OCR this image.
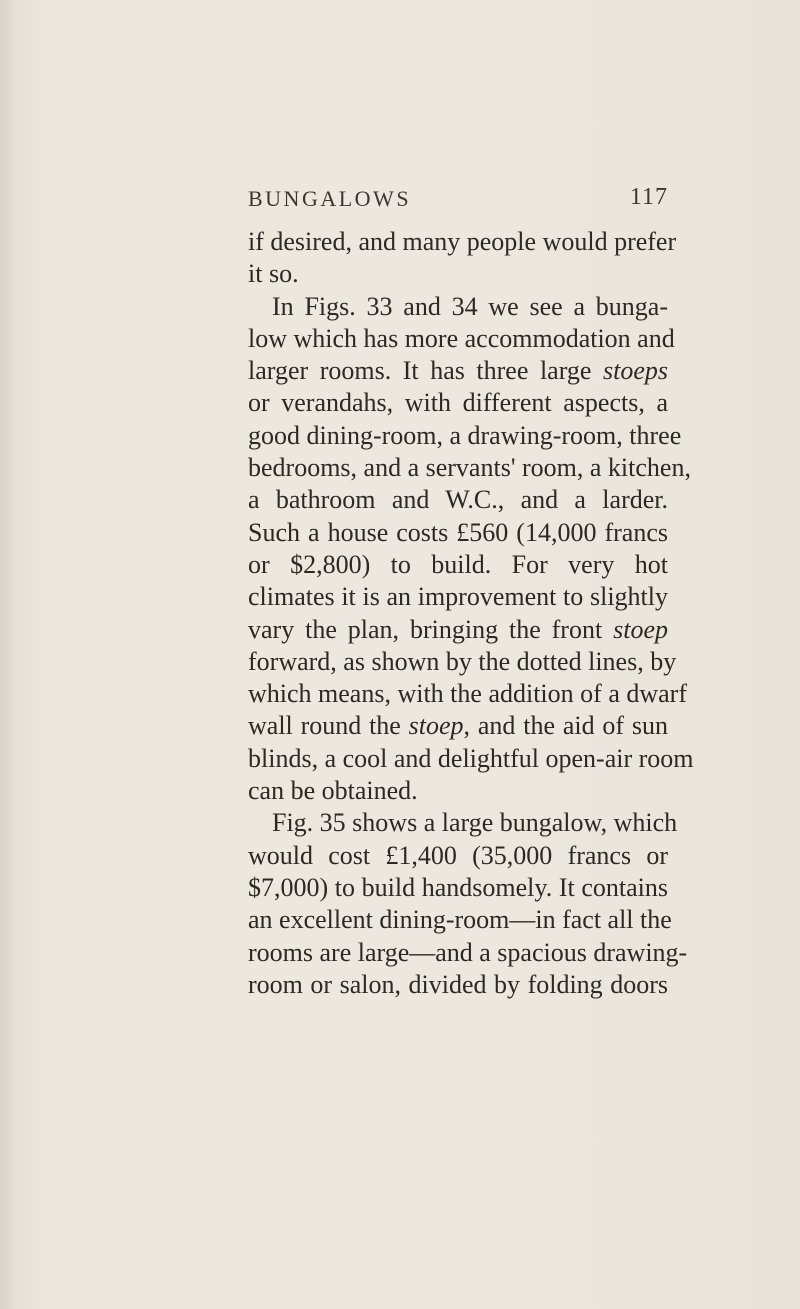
BUNGALOWS	117
if desired, and many people would prefer
it so.
In Figs. 33 and 34 we see a bunga-
low which has more accommodation and
larger rooms. It has three large stoeps
or verandahs, with different aspects, a
good dining-room, a drawing-room, three
bedrooms, and a servants' room, a kitchen,
a bathroom and W.C., and a larder.
Such a house costs £560 (14,000 francs
or $2,800) to build. For very hot
climates it is an improvement to slightly
vary the plan, bringing the front stoep
forward, as shown by the dotted lines, by
which means, with the addition of a dwarf
wall round the stoep, and the aid of sun
blinds, a cool and delightful open-air room
can be obtained.
Fig. 35 shows a large bungalow, which
would cost £1,400 (35,000 francs or
$7,000) to build handsomely. It contains
an excellent dining-room—in fact all the
rooms are large—and a spacious drawing-
room or salon, divided by folding doors
